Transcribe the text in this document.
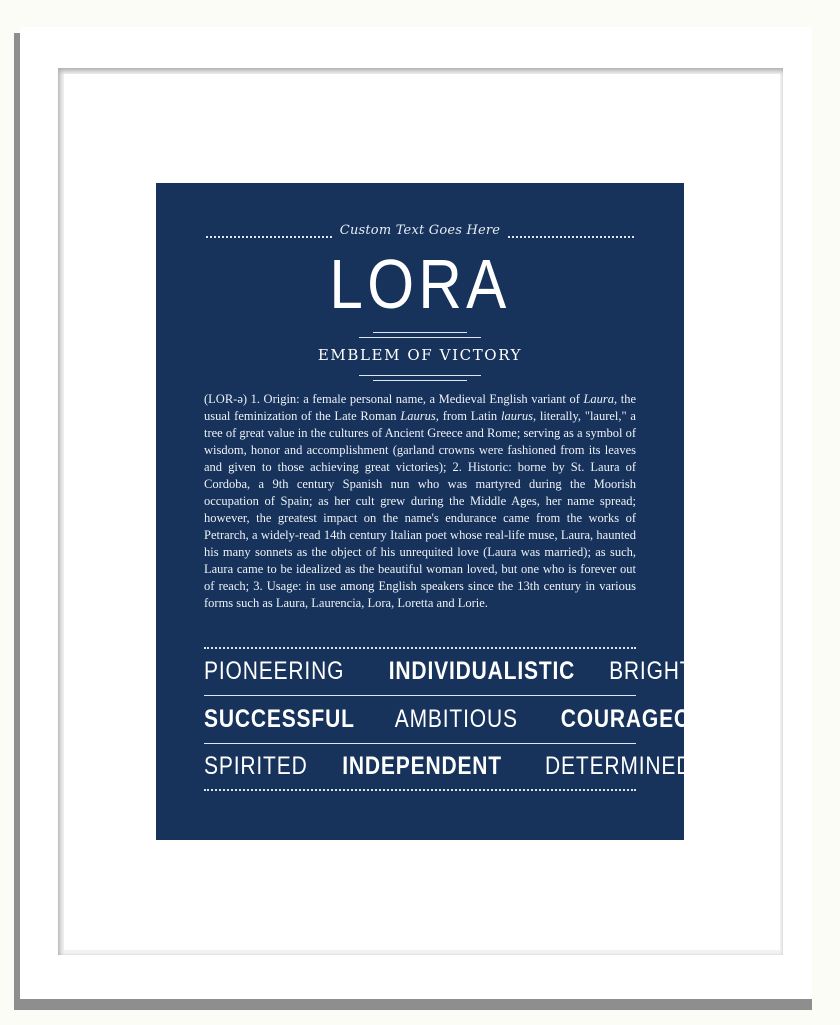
Custom Text Goes Here
LORA
EMBLEM OF VICTORY
(LOR-ə) 1. Origin: a female personal name, a Medieval English variant of Laura, the usual feminization of the Late Roman Laurus, from Latin laurus, literally, "laurel," a tree of great value in the cultures of Ancient Greece and Rome; serving as a symbol of wisdom, honor and accomplishment (garland crowns were fashioned from its leaves and given to those achieving great victories); 2. Historic: borne by St. Laura of Cordoba, a 9th century Spanish nun who was martyred during the Moorish occupation of Spain; as her cult grew during the Middle Ages, her name spread; however, the greatest impact on the name's endurance came from the works of Petrarch, a widely-read 14th century Italian poet whose real-life muse, Laura, haunted his many sonnets as the object of his unrequited love (Laura was married); as such, Laura came to be idealized as the beautiful woman loved, but one who is forever out of reach; 3. Usage: in use among English speakers since the 13th century in various forms such as Laura, Laurencia, Lora, Loretta and Lorie.
PIONEERING INDIVIDUALISTIC BRIGHT
SUCCESSFUL AMBITIOUS COURAGEOUS
SPIRITED INDEPENDENT DETERMINED
